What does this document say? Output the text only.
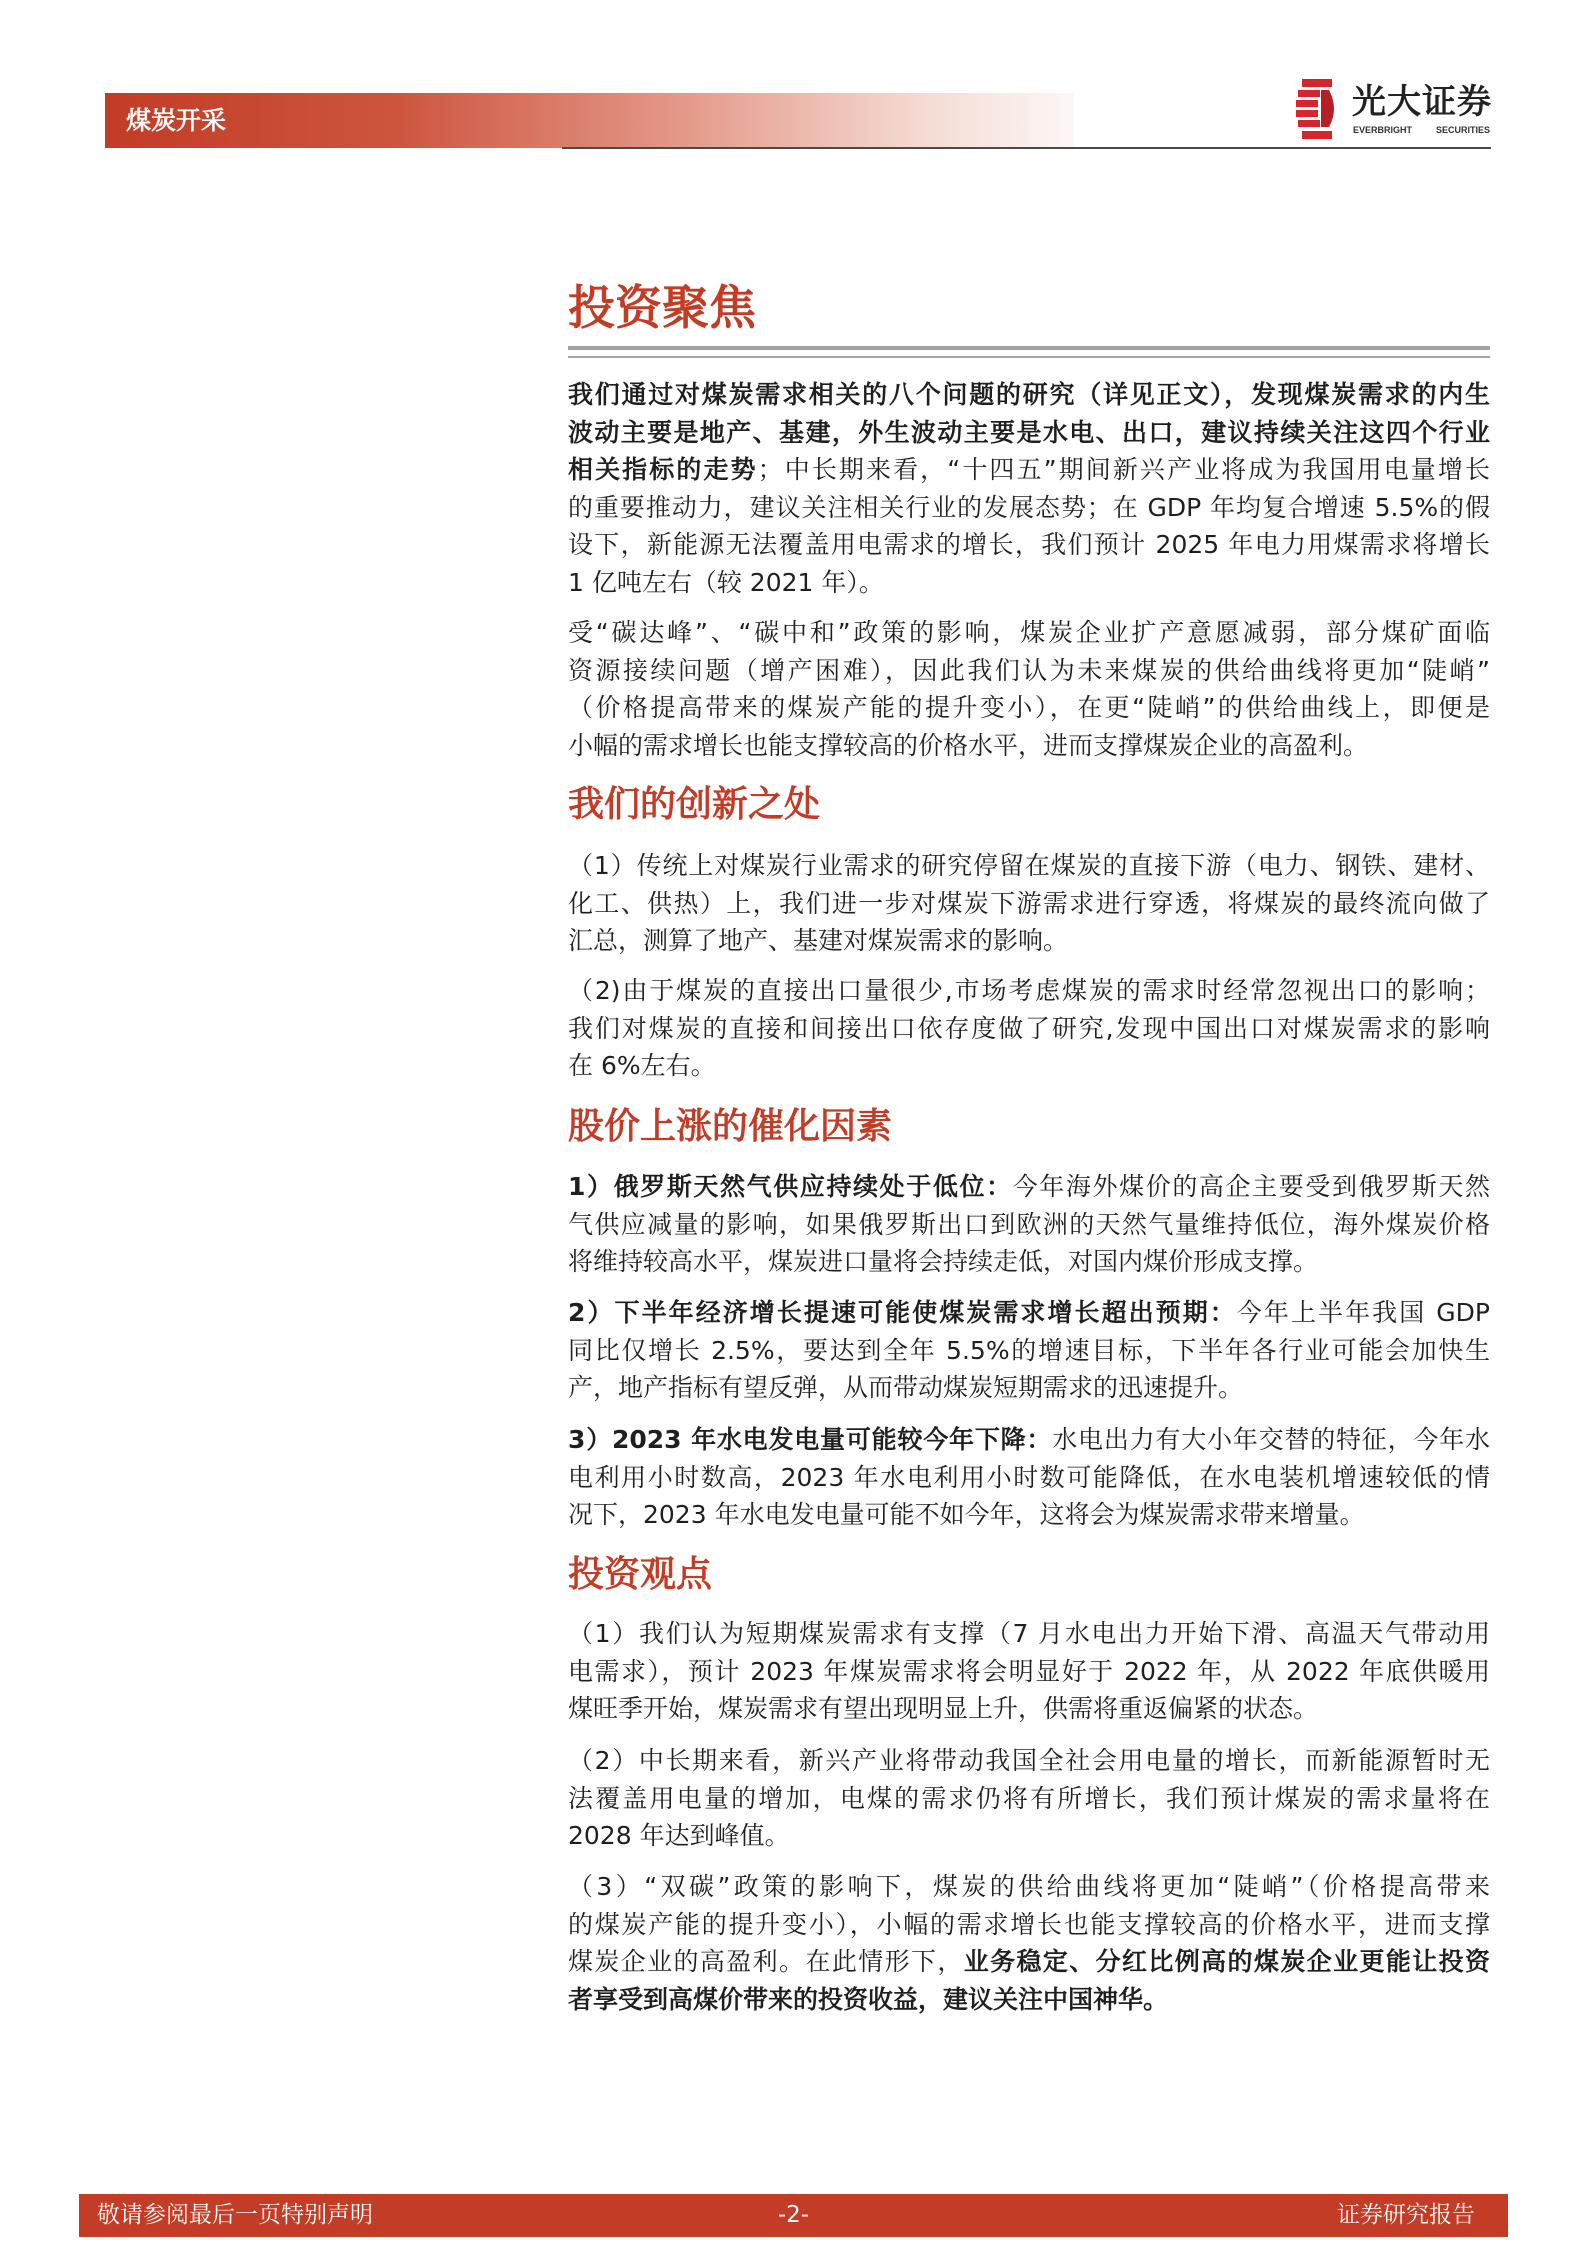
煤炭开采	光大证券
EVERBRIGHT SECURITIES
投资聚焦
我们通过对煤炭需求相关的八个问题的研究（详见正文），发现煤炭需求的内生
波动主要是地产、基建，外生波动主要是水电、出口，建议持续关注这四个行业
相关指标的走势；中长期来看，“十四五”期间新兴产业将成为我国用电量增长
的重要推动力，建议关注相关行业的发展态势；在 GDP 年均复合增速 5.5%的假
设下，新能源无法覆盖用电需求的增长，我们预计 2025 年电力用煤需求将增长
1 亿吨左右（较 2021 年）。
受“碳达峰”、“碳中和”政策的影响，煤炭企业扩产意愿减弱，部分煤矿面临
资源接续问题（增产困难），因此我们认为未来煤炭的供给曲线将更加“陡峭”
（价格提高带来的煤炭产能的提升变小），在更“陡峭”的供给曲线上，即便是
小幅的需求增长也能支撑较高的价格水平，进而支撑煤炭企业的高盈利。
我们的创新之处
（1）传统上对煤炭行业需求的研究停留在煤炭的直接下游（电力、钢铁、建材、
化工、供热）上，我们进一步对煤炭下游需求进行穿透，将煤炭的最终流向做了
汇总，测算了地产、基建对煤炭需求的影响。
（2)由于煤炭的直接出口量很少,市场考虑煤炭的需求时经常忽视出口的影响；
我们对煤炭的直接和间接出口依存度做了研究,发现中国出口对煤炭需求的影响
在 6%左右。
股价上涨的催化因素
1）俄罗斯天然气供应持续处于低位：今年海外煤价的高企主要受到俄罗斯天然
气供应减量的影响，如果俄罗斯出口到欧洲的天然气量维持低位，海外煤炭价格
将维持较高水平，煤炭进口量将会持续走低，对国内煤价形成支撑。
2）下半年经济增长提速可能使煤炭需求增长超出预期：今年上半年我国 GDP
同比仅增长 2.5%，要达到全年 5.5%的增速目标，下半年各行业可能会加快生
产，地产指标有望反弹，从而带动煤炭短期需求的迅速提升。
3）2023 年水电发电量可能较今年下降：水电出力有大小年交替的特征，今年水
电利用小时数高，2023 年水电利用小时数可能降低，在水电装机增速较低的情
况下，2023 年水电发电量可能不如今年，这将会为煤炭需求带来增量。
投资观点
（1）我们认为短期煤炭需求有支撑（7 月水电出力开始下滑、高温天气带动用
电需求），预计 2023 年煤炭需求将会明显好于 2022 年，从 2022 年底供暖用
煤旺季开始，煤炭需求有望出现明显上升，供需将重返偏紧的状态。
（2）中长期来看，新兴产业将带动我国全社会用电量的增长，而新能源暂时无
法覆盖用电量的增加，电煤的需求仍将有所增长，我们预计煤炭的需求量将在
2028 年达到峰值。
（3）“双碳”政策的影响下，煤炭的供给曲线将更加“陡峭”（价格提高带来
的煤炭产能的提升变小），小幅的需求增长也能支撑较高的价格水平，进而支撑
煤炭企业的高盈利。在此情形下，业务稳定、分红比例高的煤炭企业更能让投资
者享受到高煤价带来的投资收益，建议关注中国神华。
敬请参阅最后一页特别声明	-2-	证券研究报告
